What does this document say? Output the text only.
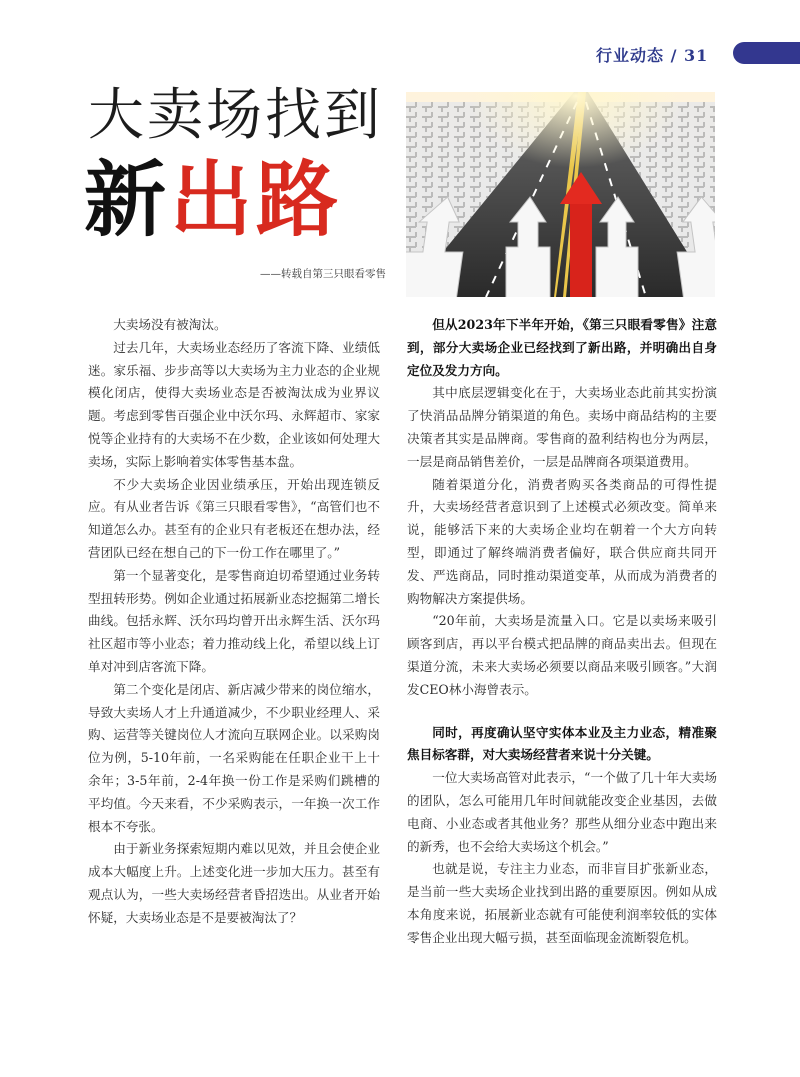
行业动态 / 31
大卖场找到
新出路
——转载自第三只眼看零售

大卖场没有被淘汰。

过去几年，大卖场业态经历了客流下降、业绩低迷。家乐福、步步高等以大卖场为主力业态的企业规模化闭店，使得大卖场业态是否被淘汰成为业界议题。考虑到零售百强企业中沃尔玛、永辉超市、家家悦等企业持有的大卖场不在少数，企业该如何处理大卖场，实际上影响着实体零售基本盘。

不少大卖场企业因业绩承压，开始出现连锁反应。有从业者告诉《第三只眼看零售》，“高管们也不知道怎么办。甚至有的企业只有老板还在想办法，经营团队已经在想自己的下一份工作在哪里了。”

第一个显著变化，是零售商迫切希望通过业务转型扭转形势。例如企业通过拓展新业态挖掘第二增长曲线。包括永辉、沃尔玛均曾开出永辉生活、沃尔玛社区超市等小业态；着力推动线上化，希望以线上订单对冲到店客流下降。

第二个变化是闭店、新店减少带来的岗位缩水，导致大卖场人才上升通道减少，不少职业经理人、采购、运营等关键岗位人才流向互联网企业。以采购岗位为例，5-10年前，一名采购能在任职企业干上十余年；3-5年前，2-4年换一份工作是采购们跳槽的平均值。今天来看，不少采购表示，一年换一次工作根本不夸张。

由于新业务探索短期内难以见效，并且会使企业成本大幅度上升。上述变化进一步加大压力。甚至有观点认为，一些大卖场经营者昏招迭出。从业者开始怀疑，大卖场业态是不是要被淘汰了？

但从2023年下半年开始，《第三只眼看零售》注意到，部分大卖场企业已经找到了新出路，并明确出自身定位及发力方向。

其中底层逻辑变化在于，大卖场业态此前其实扮演了快消品品牌分销渠道的角色。卖场中商品结构的主要决策者其实是品牌商。零售商的盈利结构也分为两层，一层是商品销售差价，一层是品牌商各项渠道费用。

随着渠道分化，消费者购买各类商品的可得性提升，大卖场经营者意识到了上述模式必须改变。简单来说，能够活下来的大卖场企业均在朝着一个大方向转型，即通过了解终端消费者偏好，联合供应商共同开发、严选商品，同时推动渠道变革，从而成为消费者的购物解决方案提供场。

“20年前，大卖场是流量入口。它是以卖场来吸引顾客到店，再以平台模式把品牌的商品卖出去。但现在渠道分流，未来大卖场必须要以商品来吸引顾客。”大润发CEO林小海曾表示。

同时，再度确认坚守实体本业及主力业态，精准聚焦目标客群，对大卖场经营者来说十分关键。

一位大卖场高管对此表示，“一个做了几十年大卖场的团队，怎么可能用几年时间就能改变企业基因，去做电商、小业态或者其他业务？那些从细分业态中跑出来的新秀，也不会给大卖场这个机会。”

也就是说，专注主力业态，而非盲目扩张新业态，是当前一些大卖场企业找到出路的重要原因。例如从成本角度来说，拓展新业态就有可能使利润率较低的实体零售企业出现大幅亏损，甚至面临现金流断裂危机。
